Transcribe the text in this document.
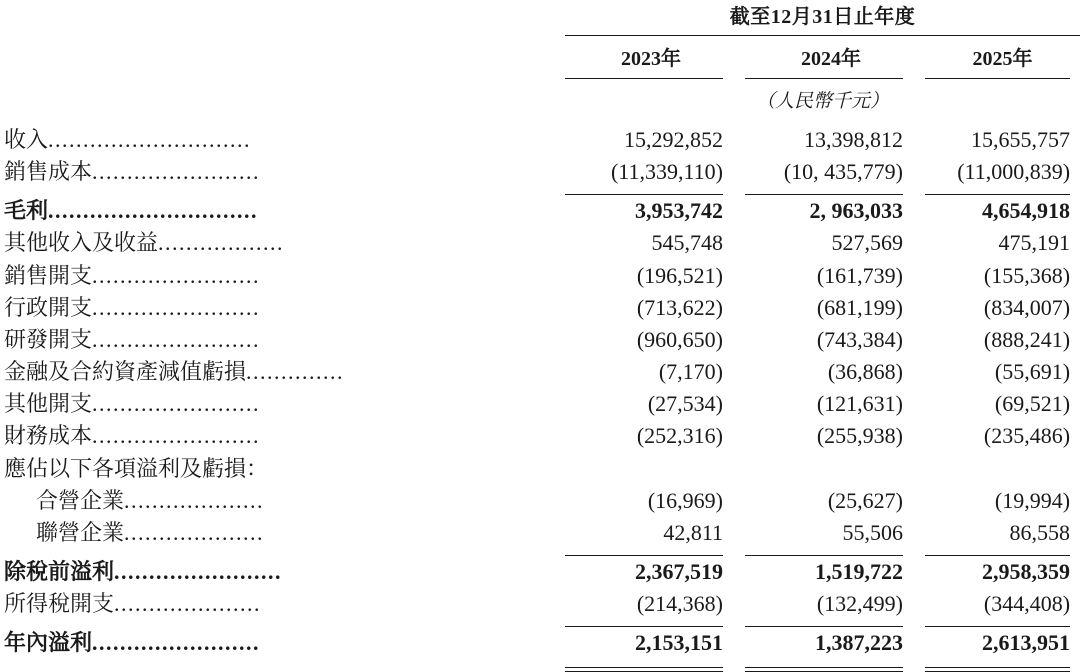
	截至12月31日止年度				

	2023年		2024年		2025年

	（人民幣千元）				

收入.............................	15,292,852		13,398,812		15,655,757
銷售成本........................	(11,339,110)		(10, 435,779)		(11,000,839)

毛利..............................	3,953,742		2, 963,033		4,654,918
其他收入及收益..................	545,748		527,569		475,191
銷售開支........................	(196,521)		(161,739)		(155,368)
行政開支........................	(713,622)		(681,199)		(834,007)
研發開支........................	(960,650)		(743,384)		(888,241)
金融及合約資產減值虧損..............	(7,170)		(36,868)		(55,691)
其他開支........................	(27,534)		(121,631)		(69,521)
財務成本........................	(252,316)		(255,938)		(235,486)
應佔以下各項溢利及虧損：					
合營企業....................	(16,969)		(25,627)		(19,994)
聯營企業....................	42,811		55,506		86,558

除稅前溢利........................	2,367,519		1,519,722		2,958,359
所得稅開支.....................	(214,368)		(132,499)		(344,408)

年內溢利........................	2,153,151		1,387,223		2,613,951
